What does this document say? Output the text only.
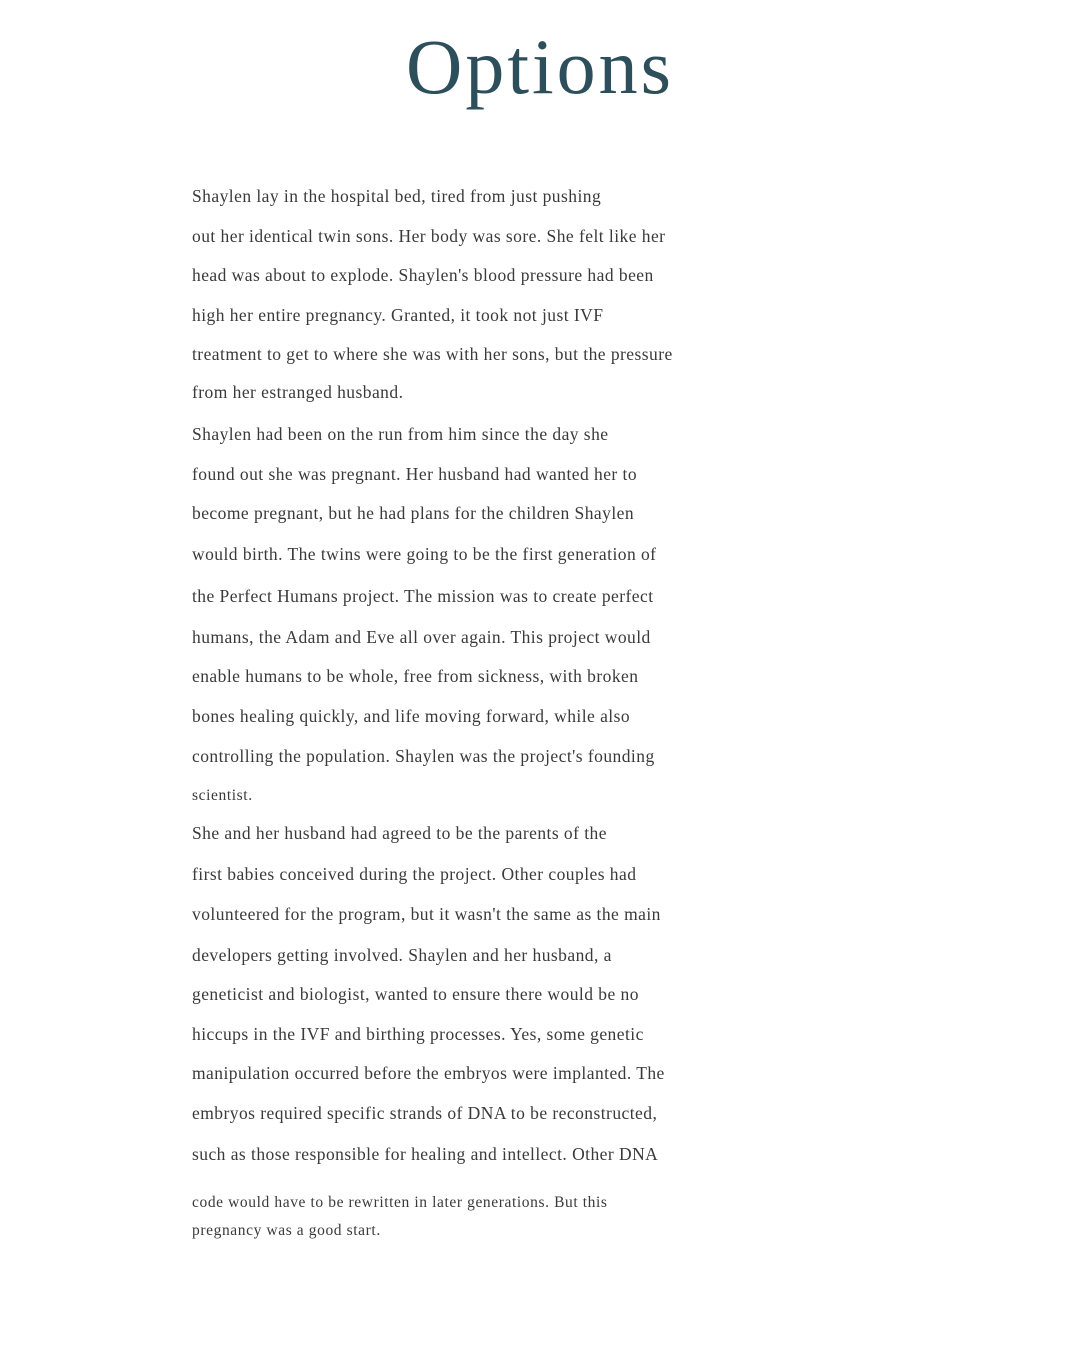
Options
Shaylen lay in the hospital bed, tired from just pushing
out her identical twin sons. Her body was sore. She felt like her
head was about to explode. Shaylen's blood pressure had been
high her entire pregnancy. Granted, it took not just IVF
treatment to get to where she was with her sons, but the pressure
from her estranged husband.
Shaylen had been on the run from him since the day she
found out she was pregnant. Her husband had wanted her to
become pregnant, but he had plans for the children Shaylen
would birth. The twins were going to be the first generation of
the Perfect Humans project. The mission was to create perfect
humans, the Adam and Eve all over again. This project would
enable humans to be whole, free from sickness, with broken
bones healing quickly, and life moving forward, while also
controlling the population. Shaylen was the project's founding
scientist.
She and her husband had agreed to be the parents of the
first babies conceived during the project. Other couples had
volunteered for the program, but it wasn't the same as the main
developers getting involved. Shaylen and her husband, a
geneticist and biologist, wanted to ensure there would be no
hiccups in the IVF and birthing processes. Yes, some genetic
manipulation occurred before the embryos were implanted. The
embryos required specific strands of DNA to be reconstructed,
such as those responsible for healing and intellect. Other DNA
code would have to be rewritten in later generations. But this
pregnancy was a good start.
